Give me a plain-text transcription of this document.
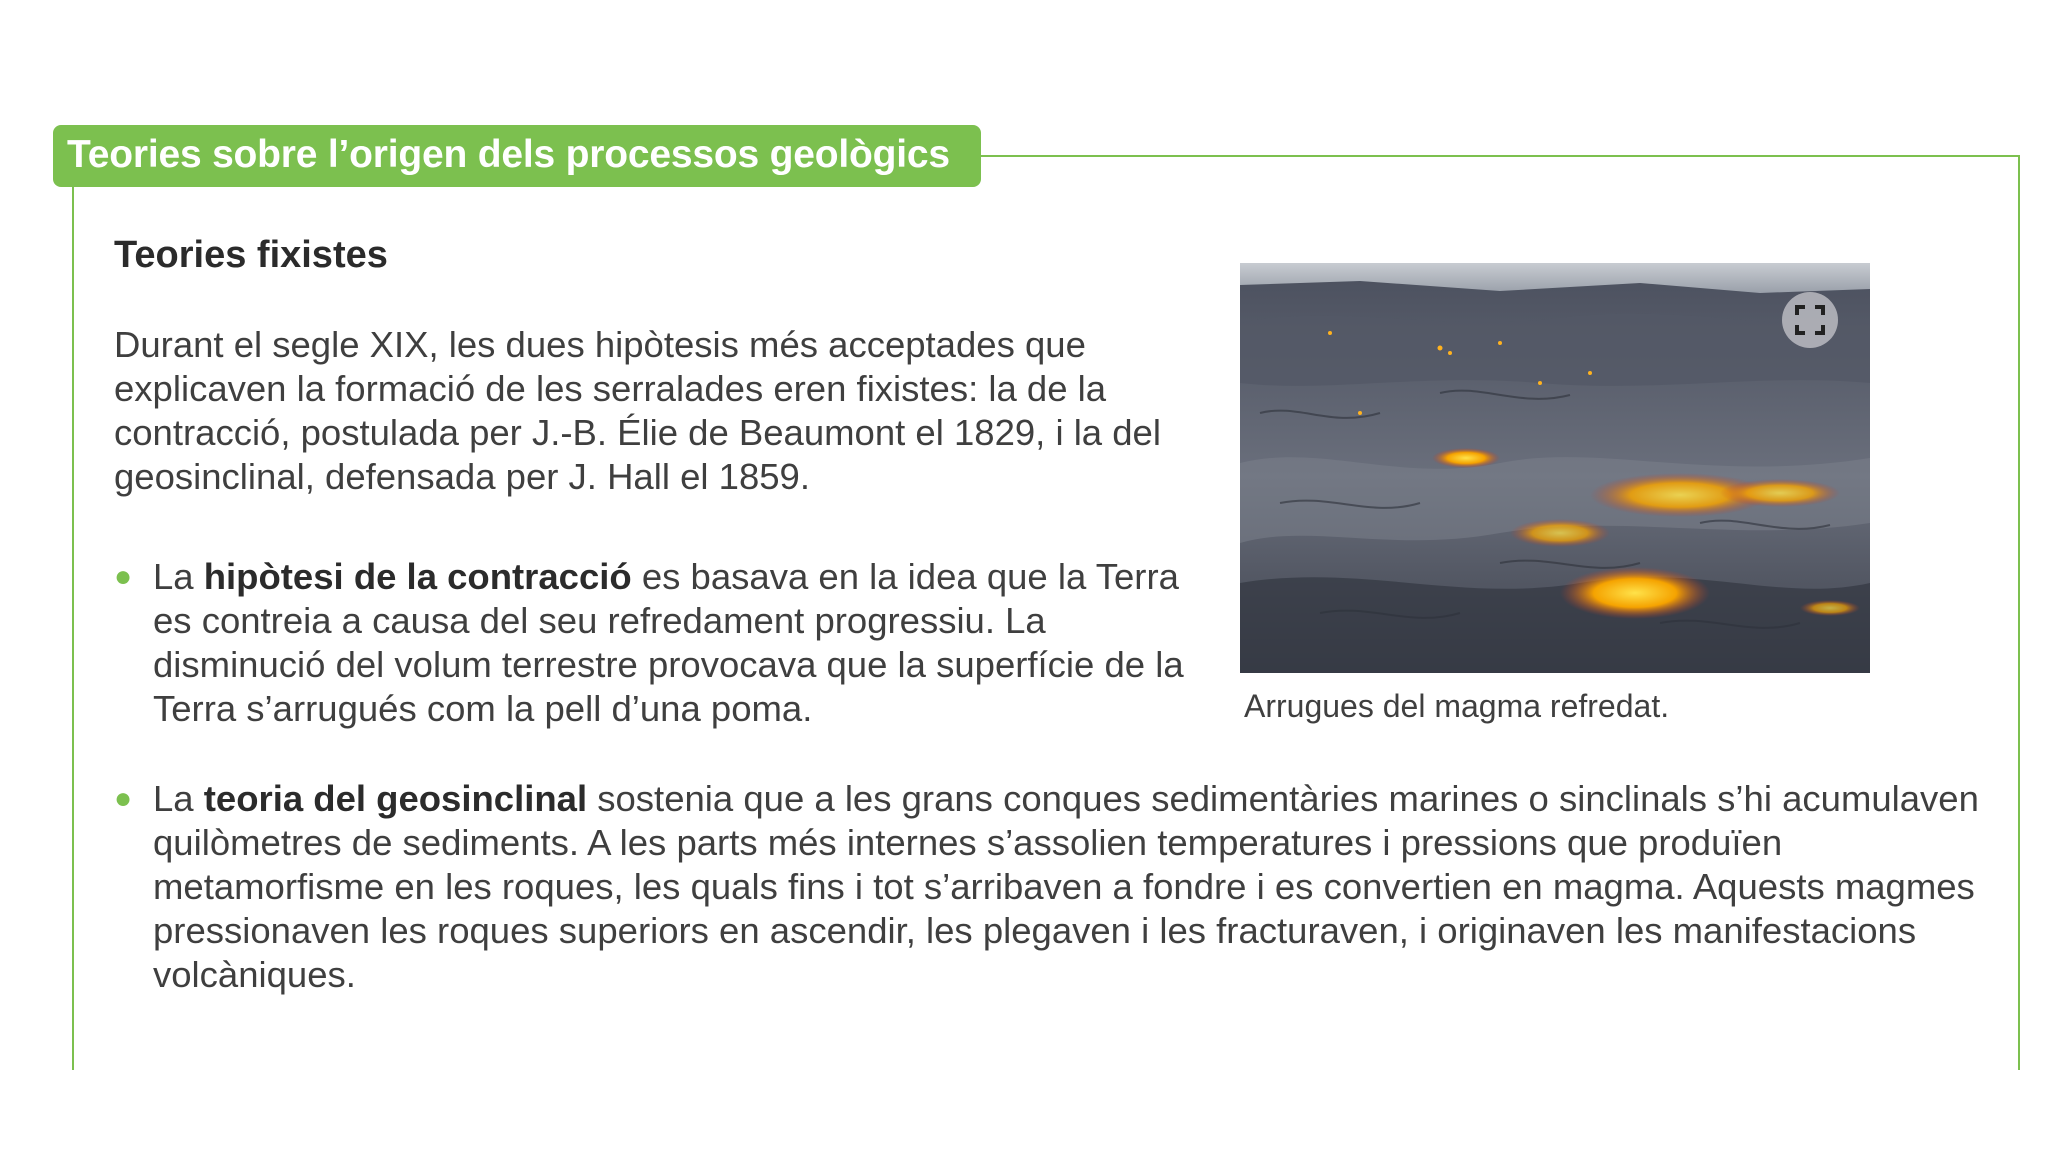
Teories sobre l’origen dels processos geològics
Teories fixistes

Durant el segle XIX, les dues hipòtesis més acceptades que explicaven la formació de les serralades eren fixistes: la de la contracció, postulada per J.-B. Élie de Beaumont el 1829, i la del geosinclinal, defensada per J. Hall el 1859.

● La hipòtesi de la contracció es basava en la idea que la Terra es contreia a causa del seu refredament progressiu. La disminució del volum terrestre provocava que la superfície de la Terra s’arrugués com la pell d’una poma.
● La teoria del geosinclinal sostenia que a les grans conques sedimentàries marines o sinclinals s’hi acumulaven quilòmetres de sediments. A les parts més internes s’assolien temperatures i pressions que produïen metamorfisme en les roques, les quals fins i tot s’arribaven a fondre i es convertien en magma. Aquests magmes pressionaven les roques superiors en ascendir, les plegaven i les fracturaven, i originaven les manifestacions volcàniques.
Arrugues del magma refredat.
